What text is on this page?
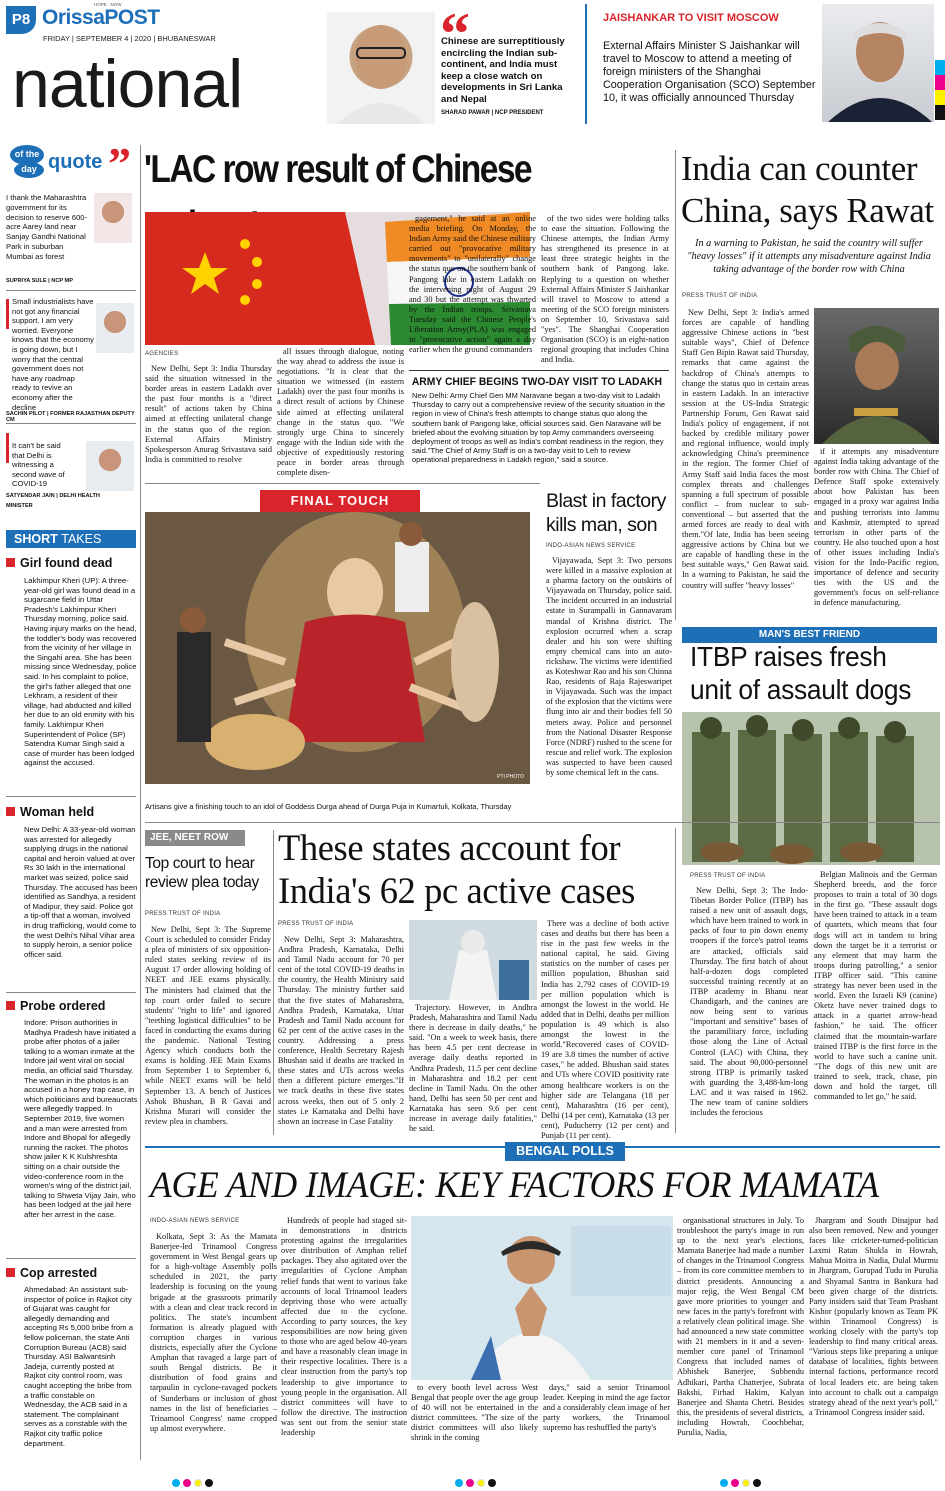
P8 OrissaPOST
HOPE . NOW
FRIDAY | SEPTEMBER 4 | 2020 | BHUBANESWAR
national
“
Chinese are surreptitiously encircling the Indian sub-continent, and India must keep a close watch on developments in Sri Lanka and Nepal
SHARAD PAWAR | NCP PRESIDENT
JAISHANKAR TO VISIT MOSCOW
External Affairs Minister S Jaishankar will travel to Moscow to attend a meeting of foreign ministers of the Shanghai Cooperation Organisation (SCO) September 10, it was officially announced Thursday
of the
day quote ”
I thank the Maharashtra government for its decision to reserve 600-acre Aarey land near Sanjay Gandhi National Park in suburban Mumbai as forest
SUPRIYA SULE | NCP MP
Small industrialists have not got any financial support. I am very worried. Everyone knows that the economy is going down, but I worry that the central government does not have any roadmap ready to revive an economy after the decline
SACHIN PILOT | FORMER RAJASTHAN DEPUTY CM
It can't be said that Delhi is witnessing a second wave of COVID-19
SATYENDAR JAIN | DELHI HEALTH MINISTER
SHORT TAKES
Girl found dead
Lakhimpur Kheri (UP): A three-year-old girl was found dead in a sugarcane field in Uttar Pradesh's Lakhimpur Kheri Thursday morning, police said. Having injury marks on the head, the toddler's body was recovered from the vicinity of her village in the Singahi area. She has been missing since Wednesday, police said. In his complaint to police, the girl's father alleged that one Lekhram, a resident of their village, had abducted and killed her due to an old enmity with his family. Lakhimpur Kheri Superintendent of Police (SP) Satendra Kumar Singh said a case of murder has been lodged against the accused.
Woman held
New Delhi: A 33-year-old woman was arrested for allegedly supplying drugs in the national capital and heroin valued at over Rs 30 lakh in the international market was seized, police said Thursday. The accused has been identified as Sandhya, a resident of Madipur, they said. Police got a tip-off that a woman, involved in drug trafficking, would come to the west Delhi's Nihal Vihar area to supply heroin, a senior police officer said.
Probe ordered
Indore: Prison authorities in Madhya Pradesh have initiated a probe after photos of a jailer talking to a woman inmate at the Indore jail went viral on social media, an official said Thursday. The woman in the photos is an accused in a honey trap case, in which politicians and bureaucrats were allegedly trapped. In September 2019, five women and a man were arrested from Indore and Bhopal for allegedly running the racket. The photos show jailer K K Kulshreshta sitting on a chair outside the video-conference room in the women's wing of the district jail, talking to Shweta Vijay Jain, who has been lodged at the jail here after her arrest in the case.
Cop arrested
Ahmedabad: An assistant sub-inspector of police in Rajkot city of Gujarat was caught for allegedly demanding and accepting Rs 5,000 bribe from a fellow policeman, the state Anti Corruption Bureau (ACB) said Thursday. ASI Balwantsinh Jadeja, currently posted at Rajkot city control room, was caught accepting the bribe from a traffic constable on Wednesday, the ACB said in a statement. The complainant serves as a constable with the Rajkot city traffic police department.
'LAC row result of Chinese
AGENCIES

New Delhi, Sept 3: India Thursday said the situation witnessed in the border areas in eastern Ladakh over the past four months is a "direct result" of actions taken by China aimed at effecting unilateral change in the status quo of the region. External Affairs Ministry Spokesperson Anurag Srivastava said India is committed to resolve

all issues through dialogue, noting the way ahead to address the issue is negotiations. "It is clear that the situation we witnessed (in eastern Ladakh) over the past four months is a direct result of actions by Chinese side aimed at effecting unilateral change in the status quo. "We strongly urge China to sincerely engage with the Indian side with the objective of expeditiously restoring peace in border areas through complete disen-

gagement," he said at an online media briefing. On Monday, the Indian Army said the Chinese military carried out "provocative military movements" to "unilaterally" change the status quo on the southern bank of Pangong lake in eastern Ladakh on the intervening night of August 29 and 30 but the attempt was thwarted by the Indian troops. Srivastava Tuesday said the Chinese People's Liberation Army(PLA) was engaged in "provocative action" again a day earlier when the ground commanders

of the two sides were holding talks to ease the situation. Following the Chinese attempts, the Indian Army has strengthened its presence in at least three strategic heights in the southern bank of Pangong lake. Replying to a question on whether External Affairs Minister S Jaishankar will travel to Moscow to attend a meeting of the SCO foreign ministers on September 10, Srivastava said "yes". The Shanghai Cooperation Organisation (SCO) is an eight-nation regional grouping that includes China and India.

ARMY CHIEF BEGINS TWO-DAY VISIT TO LADAKH
New Delhi: Army Chief Gen MM Naravane began a two-day visit to Ladakh Thursday to carry out a comprehensive review of the security situation in the region in view of China's fresh attempts to change status quo along the southern bank of Pangong lake, official sources said. Gen Naravane will be briefed about the evolving situation by top Army commanders overseeing deployment of troops as well as India's combat readiness in the region, they said."The Chief of Army Staff is on a two-day visit to Leh to review operational preparedness in Ladakh region," said a source.
India can counter China, says Rawat
In a warning to Pakistan, he said the country will suffer "heavy losses" if it attempts any misadventure against India taking advantage of the border row with China
PRESS TRUST OF INDIA

New Delhi, Sept 3: India's armed forces are capable of handling aggressive Chinese actions in "best suitable ways", Chief of Defence Staff Gen Bipin Rawat said Thursday, remarks that came against the backdrop of China's attempts to change the status quo in certain areas in eastern Ladakh. In an interactive session at the US-India Strategic Partnership Forum, Gen Rawat said India's policy of engagement, if not backed by credible military power and regional influence, would imply acknowledging China's preeminence in the region. The former Chief of Army Staff said India faces the most complex threats and challenges spanning a full spectrum of possible conflict – from nuclear to sub-conventional – but asserted that the armed forces are ready to deal with them."Of late, India has been seeing aggressive actions by China but we are capable of handling these in the best suitable ways," Gen Rawat said. In a warning to Pakistan, he said the country will suffer "heavy losses"

if it attempts any misadventure against India taking advantage of the border row with China. The Chief of Defence Staff spoke extensively about how Pakistan has been engaged in a proxy war against India and pushing terrorists into Jammu and Kashmir, attempted to spread terrorism in other parts of the country. He also touched upon a host of other issues including India's vision for the Indo-Pacific region, importance of defence and security ties with the US and the government's focus on self-reliance in defence manufacturing.

FINAL TOUCH
PTI PHOTO
Artisans give a finishing touch to an idol of Goddess Durga ahead of Durga Puja in Kumartuli, Kolkata, Thursday
Blast in factory kills man, son
INDO-ASIAN NEWS SERVICE

Vijayawada, Sept 3: Two persons were killed in a massive explosion at a pharma factory on the outskirts of Vijayawada on Thursday, police said. The incident occurred in an industrial estate in Surampalli in Gannavaram mandal of Krishna district. The explosion occurred when a scrap dealer and his son were shifting empty chemical cans into an auto-rickshaw. The victims were identified as Koteshwar Rao and his son Chinna Rao, residents of Raja Rajeswaripet in Vijayawada. Such was the impact of the explosion that the victims were flung into air and their bodies fell 50 meters away. Police and personnel from the National Disaster Response Force (NDRF) rushed to the scene for rescue and relief work. The explosion was suspected to have been caused by some chemical left in the cans.

MAN'S BEST FRIEND
ITBP raises fresh unit of assault dogs
PRESS TRUST OF INDIA

New Delhi, Sept 3: The Indo-Tibetan Border Police (ITBP) has raised a new unit of assault dogs, which have been trained to work in packs of four to pin down enemy troopers if the force's patrol teams are attacked, officials said Thursday. The first batch of about half-a-dozen dogs completed successful training recently at an ITBP academy in Bhanu near Chandigarh, and the canines are now being sent to various "important and sensitive" bases of the paramilitary force, including those along the Line of Actual Control (LAC) with China, they said. The about 90,000-personnel strong ITBP is primarily tasked with guarding the 3,488-km-long LAC and it was raised in 1962. The new team of canine soldiers includes the ferocious

Belgian Malinois and the German Shepherd breeds, and the force proposes to train a total of 30 dogs in the first go. "These assault dogs have been trained to attack in a team of quartets, which means that four dogs will act in tandem to bring down the target be it a terrorist or any element that may harm the troops during patrolling," a senior ITBP officer said. "This canine strategy has never been used in the world. Even the Israeli K9 (canine) Oketz have never trained dogs to attack in a quartet arrow-head fashion," he said. The officer claimed that the mountain-warfare trained ITBP is the first force in the world to have such a canine unit. "The dogs of this new unit are trained to seek, track, chase, pin down and hold the target, till commanded to let go," he said.

JEE, NEET ROW
Top court to hear review plea today
PRESS TRUST OF INDIA

New Delhi, Sept 3: The Supreme Court is scheduled to consider Friday a plea of ministers of six opposition-ruled states seeking review of its August 17 order allowing holding of NEET and JEE exams physically. The ministers had claimed that the top court order failed to secure students' "right to life" and ignored "teething logistical difficulties" to be faced in conducting the exams during the pandemic. National Testing Agency which conducts both the exams is holding JEE Main Exams from September 1 to September 6, while NEET exams will be held September 13. A bench of Justices Ashok Bhushan, B R Gavai and Krishna Murari will consider the review plea in chambers.

These states account for India's 62 pc active cases
PRESS TRUST OF INDIA

New Delhi, Sept 3: Maharashtra, Andhra Pradesh, Karnataka, Delhi and Tamil Nadu account for 70 per cent of the total COVID-19 deaths in the country, the Health Ministry said Thursday. The ministry further said that the five states of Maharashtra, Andhra Pradesh, Karnataka, Uttar Pradesh and Tamil Nadu account for 62 per cent of the active cases in the country. Addressing a press conference, Health Secretary Rajesh Bhushan said if deaths are tracked in these states and UTs across weeks then a different picture emerges."If we track deaths in these five states across weeks, then out of 5 only 2 states i.e Karnataka and Delhi have shown an increase in Case Fatality

Trajectory. However, in Andhra Pradesh, Maharashtra and Tamil Nadu there is decrease in daily deaths," he said. "On a week to week basis, there has been 4.5 per cent decrease in average daily deaths reported in Andhra Pradesh, 11.5 per cent decline in Maharashtra and 18.2 per cent decline in Tamil Nadu. On the other hand, Delhi has seen 50 per cent and Karnataka has seen 9.6 per cent increase in average daily fatalities," he said.

There was a decline of both active cases and deaths but there has been a rise in the past few weeks in the national capital, he said. Giving statistics on the number of cases per million population, Bhushan said India has 2,792 cases of COVID-19 per million population which is amongst the lowest in the world. He added that in Delhi, deaths per million population is 49 which is also amongst the lowest in the world."Recovered cases of COVID-19 are 3.8 times the number of active cases," he added. Bhushan said states and UTs where COVID positivity rate among healthcare workers is on the higher side are Telangana (18 per cent), Maharashtra (16 per cent), Delhi (14 per cent), Karnataka (13 per cent), Puducherry (12 per cent) and Punjab (11 per cent).

BENGAL POLLS
AGE AND IMAGE: KEY FACTORS FOR MAMATA
INDO-ASIAN NEWS SERVICE

Kolkata, Sept 3: As the Mamata Banerjee-led Trinamool Congress government in West Bengal gears up for a high-voltage Assembly polls scheduled in 2021, the party leadership is focusing on the young brigade at the grassroots primarily with a clean and clear track record in politics. The state's incumbent formation is already plagued with corruption charges in various districts, especially after the Cyclone Amphan that ravaged a large part of south Bengal districts. Be it distribution of food grains and tarpaulin in cyclone-ravaged pockets of Sunderbans or inclusion of ghost names in the list of beneficiaries – Trinamool Congress' name cropped up almost everywhere.

Hundreds of people had staged sit-in demonstrations in districts protesting against the irregularities over distribution of Amphan relief packages. They also agitated over the irregularities of Cyclone Amphan relief funds that went to various fake accounts of local Trinamool leaders depriving those who were actually affected due to the cyclone. According to party sources, the key responsibilities are now being given to those who are aged below 40-years and have a reasonably clean image in their respective localities. There is a clear instruction from the party's top leadership to give importance to young people in the organisation. All district committees will have to follow the directive. The instruction was sent out from the senior state leadership

to every booth level across West Bengal that people over the age group of 40 will not be entertained in the district committees. "The size of the district committees will also likely shrink in the coming

days," said a senior Trinamool leader. Keeping in mind the age factor and a considerably clean image of her party workers, the Trinamool supremo has reshuffled the party's

organisational structures in July. To troubleshoot the party's image in run up to the next year's elections, Mamata Banerjee had made a number of changes in the Trinamool Congress – from its core committee members to district presidents. Announcing a major rejig, the West Bengal CM gave more priorities to younger and new faces in the party's forefront with a relatively clean political image. She had announced a new state committee with 21 members in it and a seven-member core panel of Trinamool Congress that included names of Abhishek Banerjee, Subhendu Adhikari, Partha Chatterjee, Subrata Bakshi, Firhad Hakim, Kalyan Banerjee and Shanta Chetri. Besides this, the presidents of several districts, including Howrah, Coochbehar, Purulia, Nadia,

Jhargram and South Dinajpur had also been removed. New and younger faces like cricketer-turned-politician Laxmi Ratan Shukla in Howrah, Mahua Moitra in Nadia, Dulal Murmu in Jhargram, Gurupad Tudu in Purulia and Shyamal Santra in Bankura had been given charge of the districts. Party insiders said that Team Prashant Kishor (popularly known as Team PK within Trinamool Congress) is working closely with the party's top leadership to find many critical areas. "Various steps like preparing a unique database of localities, fights between internal factions, performance record of local leaders etc. are being taken into account to chalk out a campaign strategy ahead of the next year's poll," a Trinamool Congress insider said.
